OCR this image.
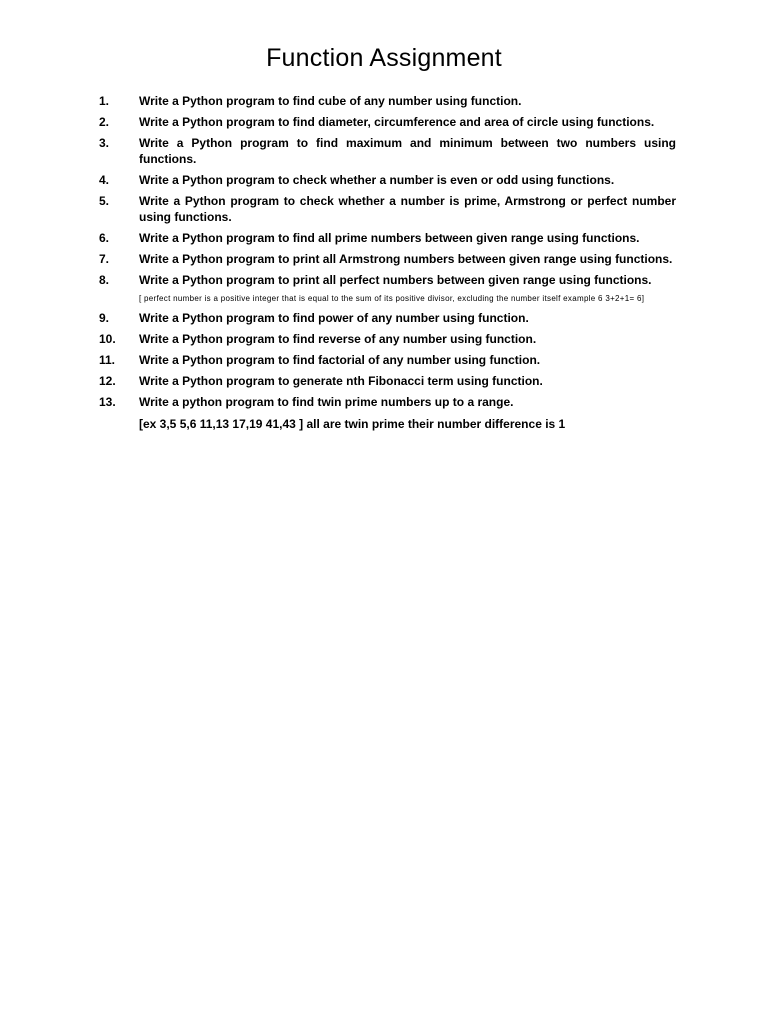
Function Assignment
1.	Write a Python program to find cube of any number using function.
2.	Write a Python program to find diameter, circumference and area of circle using functions.
3.	Write a Python program to find maximum and minimum between two numbers using functions.
4.	Write a Python program to check whether a number is even or odd using functions.
5.	Write a Python program to check whether a number is prime, Armstrong or perfect number using functions.
6.	Write a Python program to find all prime numbers between given range using functions.
7.	Write a Python program to print all Armstrong numbers between given range using functions.
8.	Write a Python program to print all perfect numbers between given range using functions.
[ perfect number is a positive integer that is equal to the sum of its positive divisor, excluding the number itself example 6 3+2+1= 6]
9.	Write a Python program to find power of any number using function.
10.	Write a Python program to find reverse of any number using function.
11.	Write a Python program to find factorial of any number using function.
12.	Write a Python program to generate nth Fibonacci term using function.
13.	Write a python program to find twin prime numbers up to a range.
[ex 3,5 5,6 11,13 17,19 41,43 ] all are twin prime their number difference is 1
